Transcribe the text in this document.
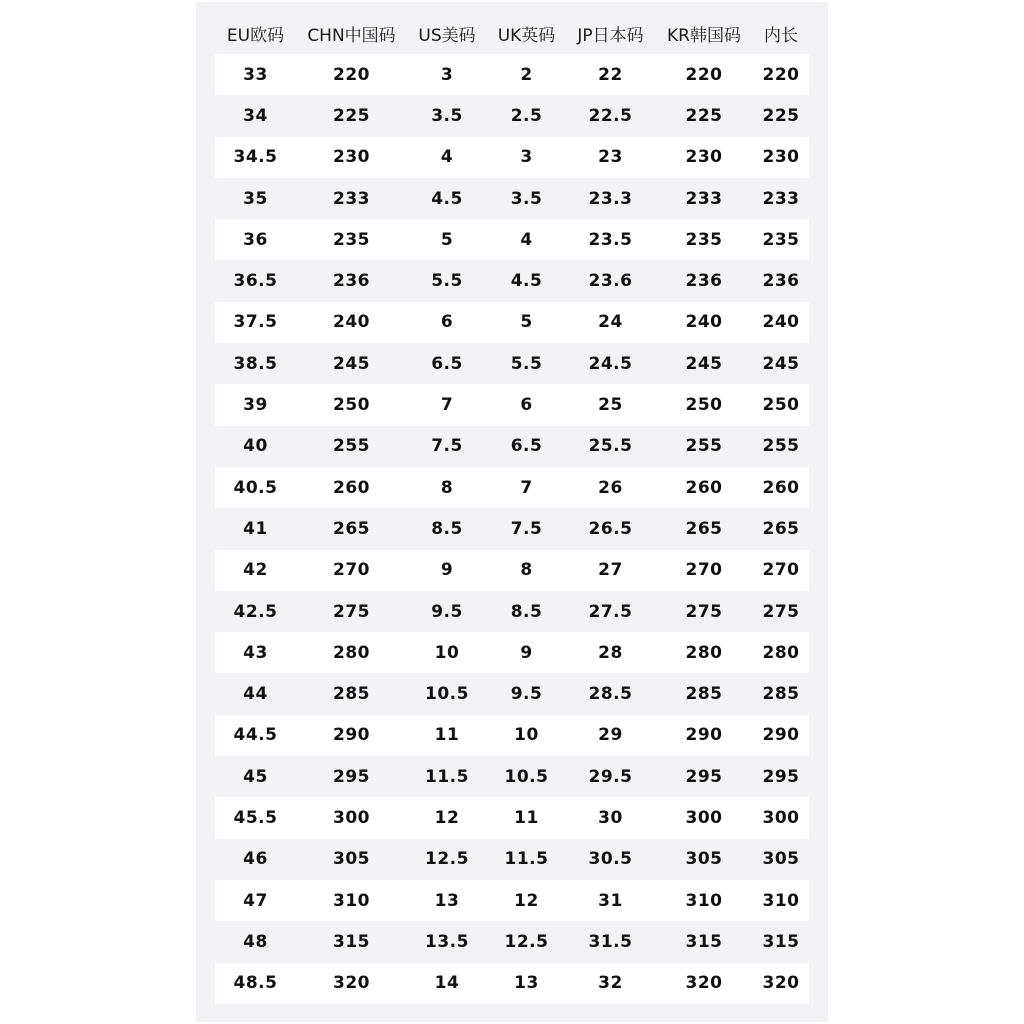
EU欧码	CHN中国码	US美码	UK英码	JP日本码	KR韩国码	内长
33	220	3	2	22	220	220
34	225	3.5	2.5	22.5	225	225
34.5	230	4	3	23	230	230
35	233	4.5	3.5	23.3	233	233
36	235	5	4	23.5	235	235
36.5	236	5.5	4.5	23.6	236	236
37.5	240	6	5	24	240	240
38.5	245	6.5	5.5	24.5	245	245
39	250	7	6	25	250	250
40	255	7.5	6.5	25.5	255	255
40.5	260	8	7	26	260	260
41	265	8.5	7.5	26.5	265	265
42	270	9	8	27	270	270
42.5	275	9.5	8.5	27.5	275	275
43	280	10	9	28	280	280
44	285	10.5	9.5	28.5	285	285
44.5	290	11	10	29	290	290
45	295	11.5	10.5	29.5	295	295
45.5	300	12	11	30	300	300
46	305	12.5	11.5	30.5	305	305
47	310	13	12	31	310	310
48	315	13.5	12.5	31.5	315	315
48.5	320	14	13	32	320	320
